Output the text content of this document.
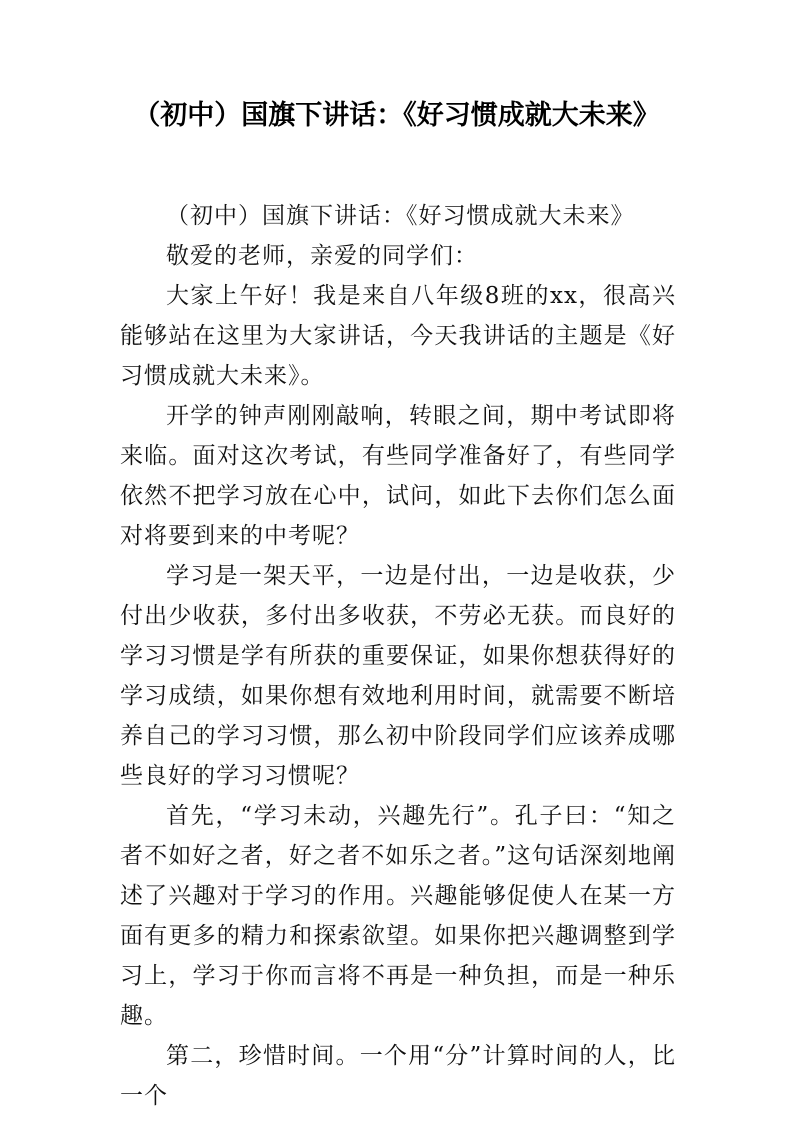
（初中）国旗下讲话：《好习惯成就大未来》

（初中）国旗下讲话：《好习惯成就大未来》

敬爱的老师，亲爱的同学们：

大家上午好！我是来自八年级8班的xx，很高兴能够站在这里为大家讲话，今天我讲话的主题是《好习惯成就大未来》。

开学的钟声刚刚敲响，转眼之间，期中考试即将来临。面对这次考试，有些同学准备好了，有些同学依然不把学习放在心中，试问，如此下去你们怎么面对将要到来的中考呢？

学习是一架天平，一边是付出，一边是收获，少付出少收获，多付出多收获，不劳必无获。而良好的学习习惯是学有所获的重要保证，如果你想获得好的学习成绩，如果你想有效地利用时间，就需要不断培养自己的学习习惯，那么初中阶段同学们应该养成哪些良好的学习习惯呢？

首先，“学习未动，兴趣先行”。孔子曰：“知之者不如好之者，好之者不如乐之者。”这句话深刻地阐述了兴趣对于学习的作用。兴趣能够促使人在某一方面有更多的精力和探索欲望。如果你把兴趣调整到学习上，学习于你而言将不再是一种负担，而是一种乐趣。

第二，珍惜时间。一个用“分”计算时间的人，比一个
